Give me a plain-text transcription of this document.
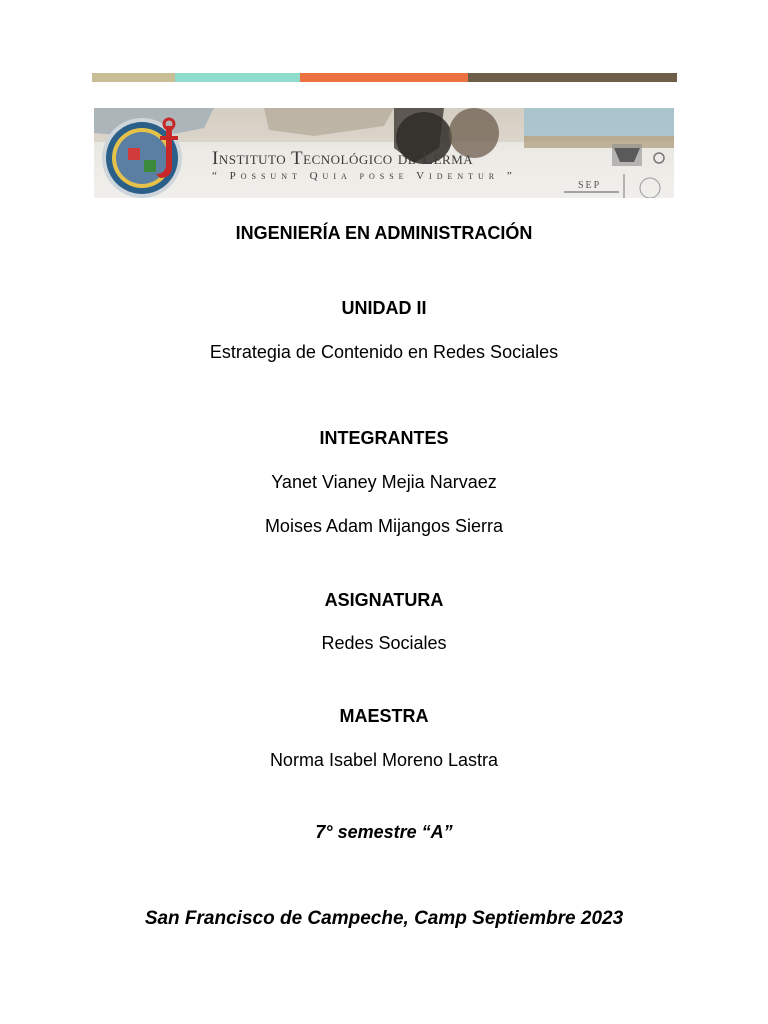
Instituto Tecnológico de Lerma
“ Possunt Quia posse Videntur ”
SEP
INGENIERÍA EN ADMINISTRACIÓN
UNIDAD II
Estrategia de Contenido en Redes Sociales
INTEGRANTES
Yanet Vianey Mejia Narvaez
Moises Adam Mijangos Sierra
ASIGNATURA
Redes Sociales
MAESTRA
Norma Isabel Moreno Lastra
7° semestre “A”
San Francisco de Campeche, Camp Septiembre 2023
